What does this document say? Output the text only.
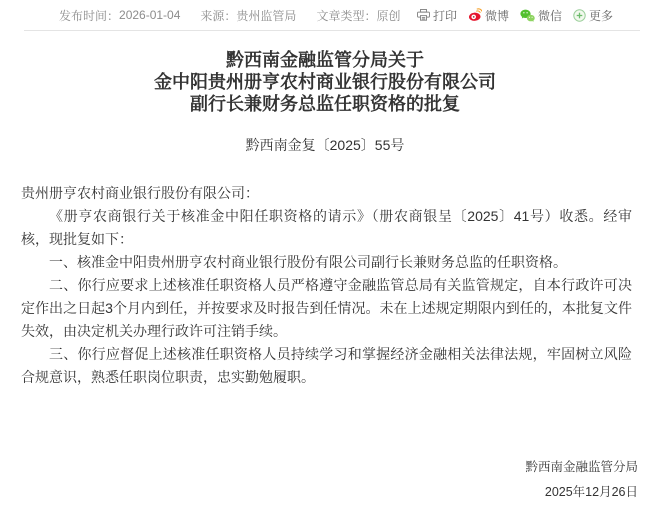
发布时间： 2026-01-04 来源： 贵州监管局 文章类型： 原创	打印 微博 微信 更多
黔西南金融监管分局关于
金中阳贵州册亨农村商业银行股份有限公司
副行长兼财务总监任职资格的批复
黔西南金复〔2025〕55号

贵州册亨农村商业银行股份有限公司：

《册亨农商银行关于核准金中阳任职资格的请示》（册农商银呈〔2025〕41号）收悉。经审核，现批复如下：

一、核准金中阳贵州册亨农村商业银行股份有限公司副行长兼财务总监的任职资格。

二、你行应要求上述核准任职资格人员严格遵守金融监管总局有关监管规定，自本行政许可决定作出之日起3个月内到任，并按要求及时报告到任情况。未在上述规定期限内到任的，本批复文件失效，由决定机关办理行政许可注销手续。

三、你行应督促上述核准任职资格人员持续学习和掌握经济金融相关法律法规，牢固树立风险合规意识，熟悉任职岗位职责，忠实勤勉履职。

黔西南金融监管分局
2025年12月26日
